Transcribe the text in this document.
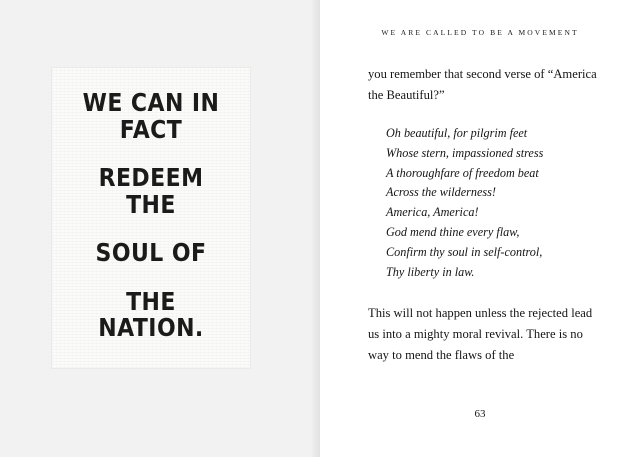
WE CAN IN FACT
REDEEM THE
SOUL OF
THE NATION.
WE ARE CALLED TO BE A MOVEMENT

you remember that second verse of “America the Beautiful?”

Oh beautiful, for pilgrim feet
Whose stern, impassioned stress
A thoroughfare of freedom beat
Across the wilderness!
America, America!
God mend thine every flaw,
Confirm thy soul in self-control,
Thy liberty in law.

This will not happen unless the rejected lead us into a mighty moral revival. There is no way to mend the flaws of the

63
